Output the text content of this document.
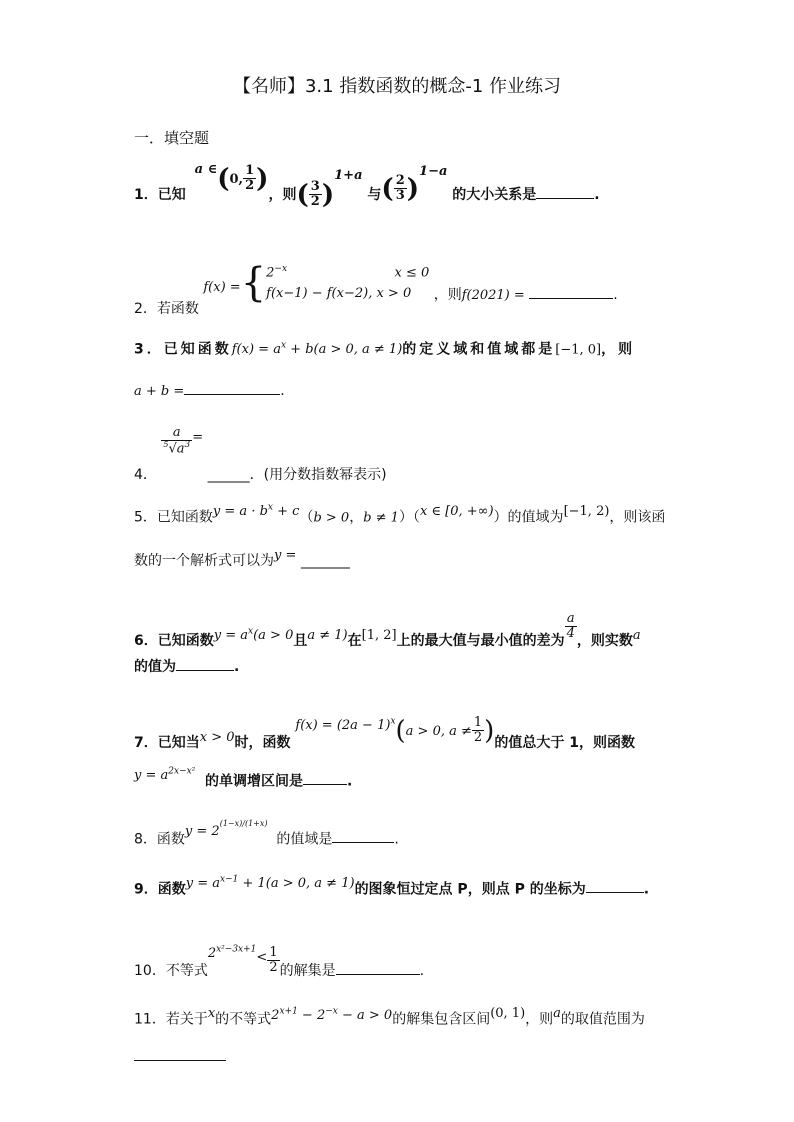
【名师】3.1 指数函数的概念-1 作业练习
一．填空题
1．已知 a ∈(0, $\frac{1}{2}$ )，则( $\frac{3}{2} )^{1+a}$ 与( $\frac{2}{3} )^{1-a}$ 的大小关系是	.
2．若函数 $f(x) =\{2^{-x}$                          x ≤ 0
f(x−1) − f(x−2), x > 0 ，则f(2021) =	.
3．已知函数$f(x) = a^x + b(a > 0$, a ≠ 1)的定义域和值域都是[−1, 0]，则
a + b =	.
4．
$\frac{a}{^5√a^3}$ = ______．(用分数指数幂表示)
5．已知函数$y = a \cdot b^x + c(b > 0$，b ≠ 1）（x ∈ [0, +∞)）的值域为[−1, 2)，则该函
数的一个解析式可以为y = _______
6．已知函数$y = a^x(a > 0$且a ≠ 1)在[1, 2]上的最大值与最小值的差为 $\frac{a}{4}$ ，则实数a
的值为	.
7．已知当x > 0时，函数 $f(x) = (2a - 1)^x(a > 0$, $a \ne \frac{1}{2}$ )的值总大于 1，则函数
$y = a^{2x-x^2}$  的单调增区间是	.
8．函数$y = 2^{(1-x)/(1+x)}$  的值域是	.
9．函数$y = a^{x-1} + 1(a > 0$, a ≠ 1)的图象恒过定点 P，则点 P 的坐标为	.
10．不等式$2^{x^2-3x+1}< \frac{1}{2}$ 的解集是	.
11．若关于x的不等式$2^{x+1} - 2^{-x} - a > 0$的解集包含区间(0, 1)，则a的取值范围为
